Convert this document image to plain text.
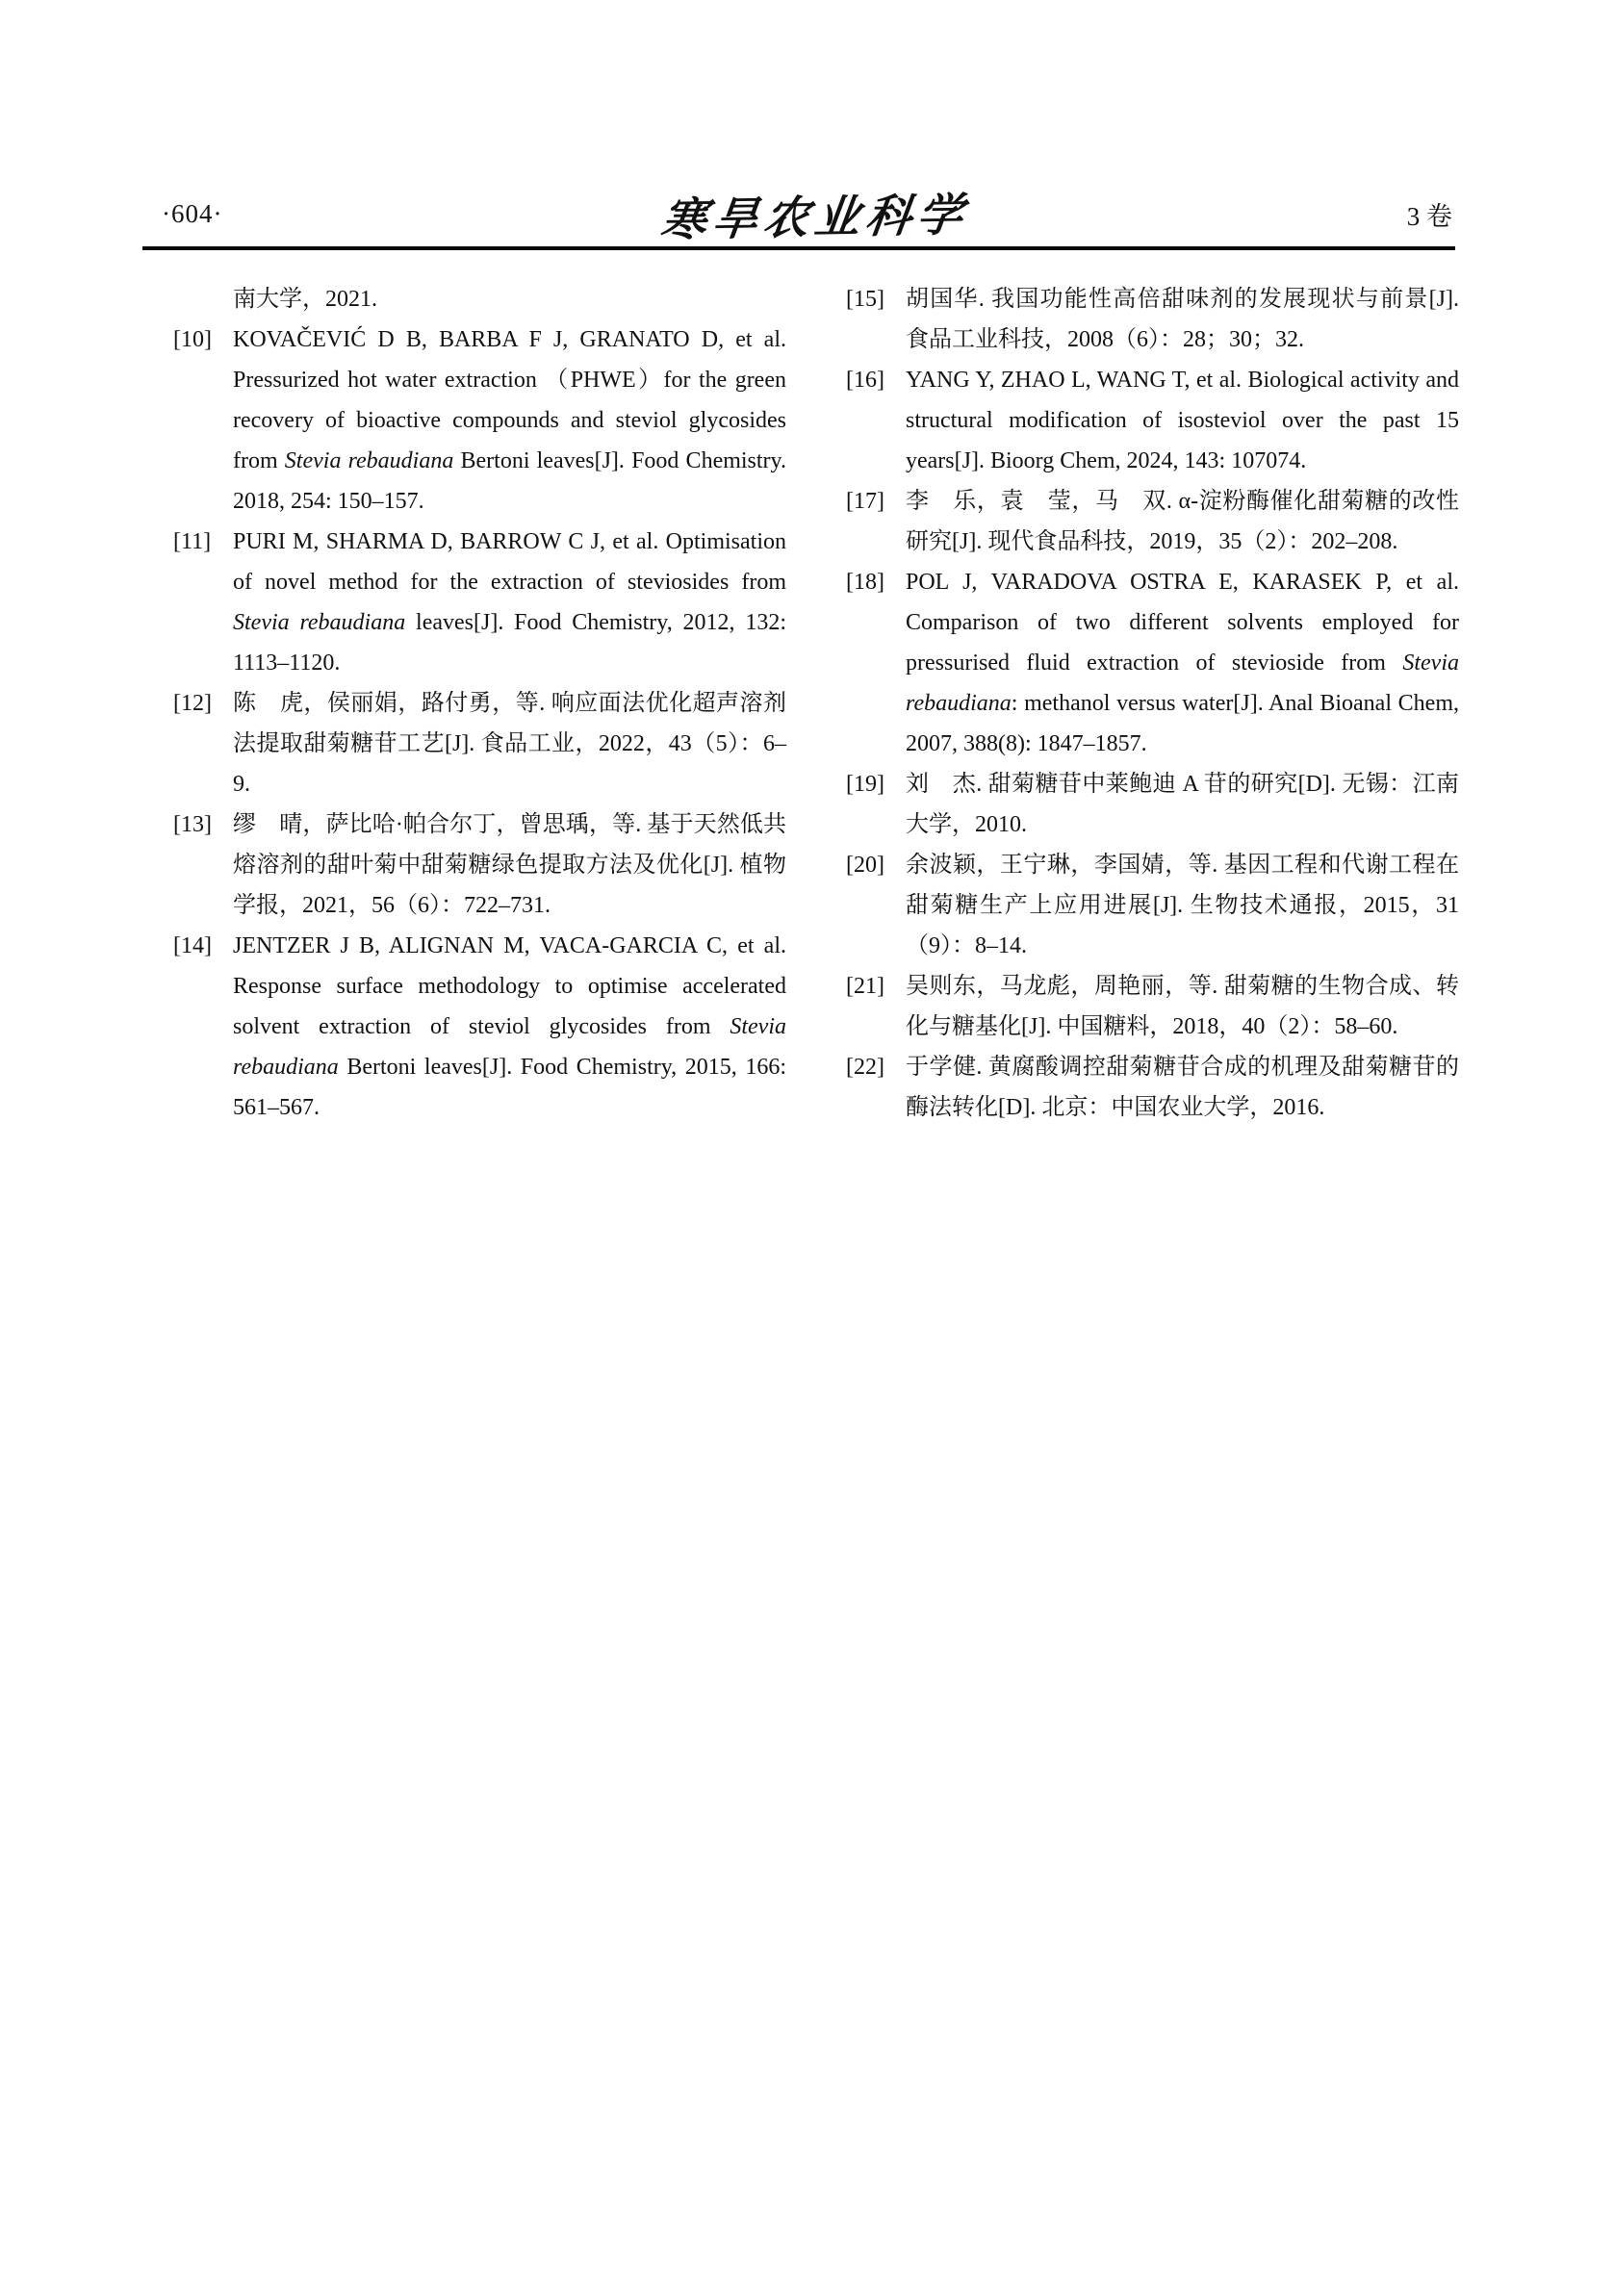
·604·	寒旱农业科学	3 卷
南大学，2021.
[10] KOVAČEVIĆ D B, BARBA F J, GRANATO D, et al. Pressurized hot water extraction （PHWE）for the green recovery of bioactive compounds and steviol glycosides from Stevia rebaudiana Bertoni leaves[J]. Food Chemistry. 2018, 254: 150–157.
[11] PURI M, SHARMA D, BARROW C J, et al. Optimisation of novel method for the extraction of steviosides from Stevia rebaudiana leaves[J]. Food Chemistry, 2012, 132: 1113–1120.
[12] 陈　虎，侯丽娟，路付勇，等. 响应面法优化超声溶剂法提取甜菊糖苷工艺[J]. 食品工业，2022，43（5）：6–9.
[13] 缪　晴，萨比哈·帕合尔丁，曾思瑀，等. 基于天然低共熔溶剂的甜叶菊中甜菊糖绿色提取方法及优化[J]. 植物学报，2021，56（6）：722–731.
[14] JENTZER J B, ALIGNAN M, VACA-GARCIA C, et al. Response surface methodology to optimise accelerated solvent extraction of steviol glycosides from Stevia rebaudiana Bertoni leaves[J]. Food Chemistry, 2015, 166: 561–567.
[15] 胡国华. 我国功能性高倍甜味剂的发展现状与前景[J]. 食品工业科技，2008（6）：28；30；32.
[16] YANG Y, ZHAO L, WANG T, et al. Biological activity and structural modification of isosteviol over the past 15 years[J]. Bioorg Chem, 2024, 143: 107074.
[17] 李　乐，袁　莹，马　双. α-淀粉酶催化甜菊糖的改性研究[J]. 现代食品科技，2019，35（2）：202–208.
[18] POL J, VARADOVA OSTRA E, KARASEK P, et al. Comparison of two different solvents employed for pressurised fluid extraction of stevioside from Stevia rebaudiana: methanol versus water[J]. Anal Bioanal Chem, 2007, 388(8): 1847–1857.
[19] 刘　杰. 甜菊糖苷中莱鲍迪 A 苷的研究[D]. 无锡：江南大学，2010.
[20] 余波颖，王宁琳，李国婧，等. 基因工程和代谢工程在甜菊糖生产上应用进展[J]. 生物技术通报，2015，31（9）：8–14.
[21] 吴则东，马龙彪，周艳丽，等. 甜菊糖的生物合成、转化与糖基化[J]. 中国糖料，2018，40（2）：58–60.
[22] 于学健. 黄腐酸调控甜菊糖苷合成的机理及甜菊糖苷的酶法转化[D]. 北京：中国农业大学，2016.
